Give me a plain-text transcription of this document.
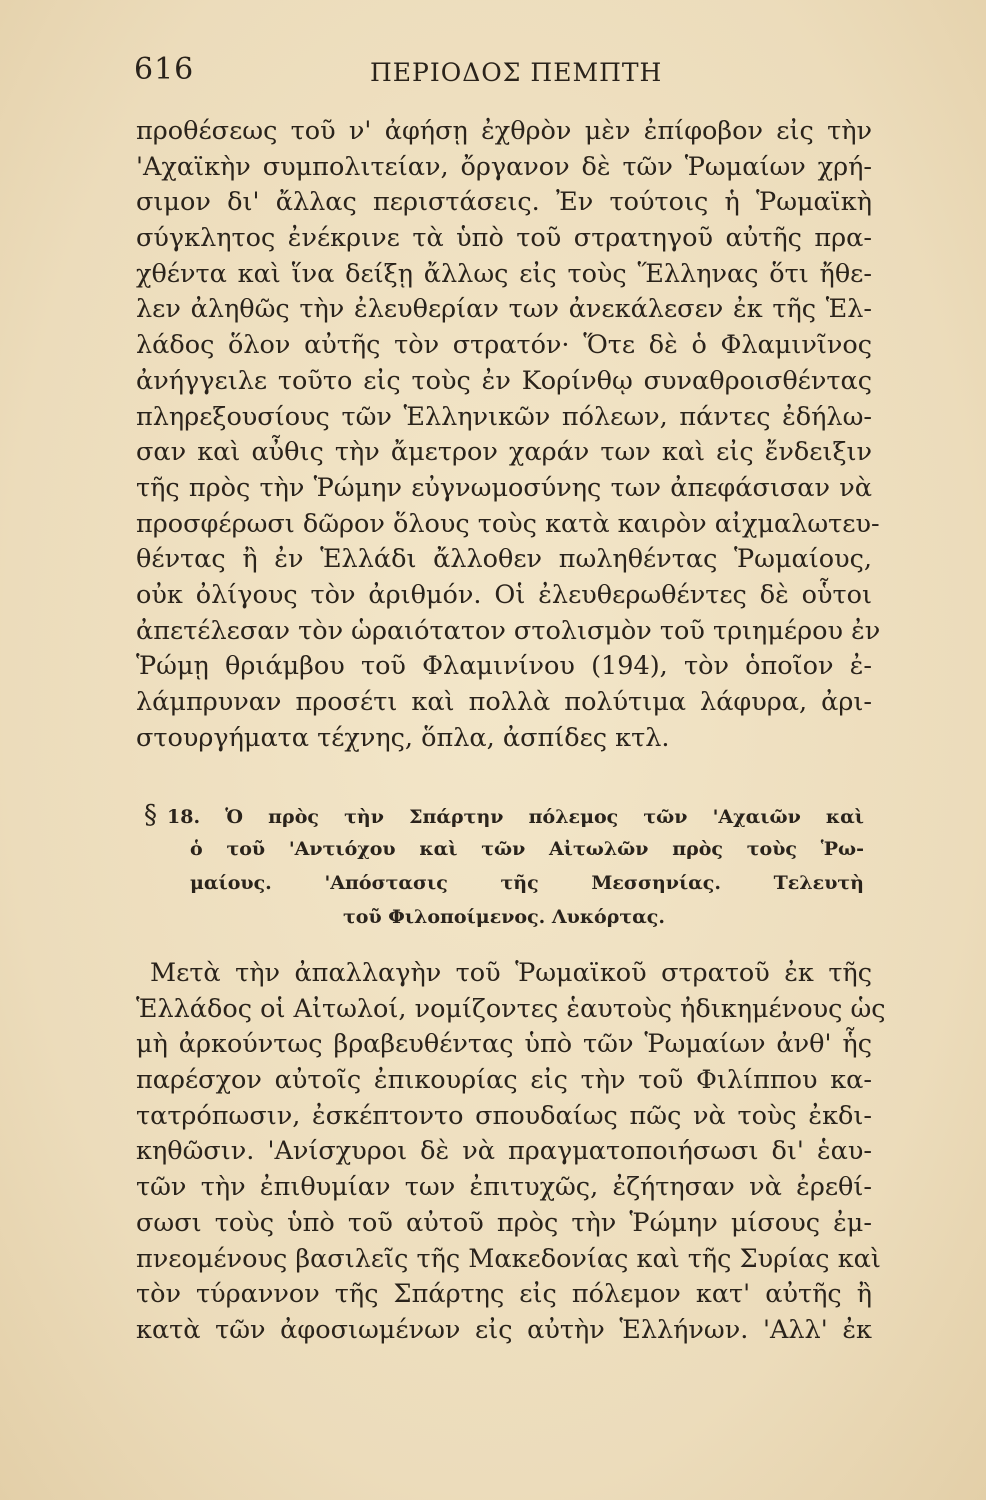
616	ΠΕΡΙΟΔΟΣ ΠΕΜΠΤΗ
προθέσεως τοῦ ν' ἀφήσῃ ἐχθρὸν μὲν ἐπίφοβον εἰς τὴν
'Αχαϊκὴν συμπολιτείαν, ὄργανον δὲ τῶν Ῥωμαίων χρή-
σιμον δι' ἄλλας περιστάσεις. Ἐν τούτοις ἡ Ῥωμαϊκὴ
σύγκλητος ἐνέκρινε τὰ ὑπὸ τοῦ στρατηγοῦ αὐτῆς πρα-
χθέντα καὶ ἵνα δείξῃ ἄλλως εἰς τοὺς Ἕλληνας ὅτι ἤθε-
λεν ἀληθῶς τὴν ἐλευθερίαν των ἀνεκάλεσεν ἐκ τῆς Ἑλ-
λάδος ὅλον αὐτῆς τὸν στρατόν· Ὅτε δὲ ὁ Φλαμινῖνος
ἀνήγγειλε τοῦτο εἰς τοὺς ἐν Κορίνθῳ συναθροισθέντας
πληρεξουσίους τῶν Ἑλληνικῶν πόλεων, πάντες ἐδήλω-
σαν καὶ αὖθις τὴν ἄμετρον χαράν των καὶ εἰς ἔνδειξιν
τῆς πρὸς τὴν Ῥώμην εὐγνωμοσύνης των ἀπεφάσισαν νὰ
προσφέρωσι δῶρον ὅλους τοὺς κατὰ καιρὸν αἰχμαλωτευ-
θέντας ἢ ἐν Ἑλλάδι ἄλλοθεν πωληθέντας Ῥωμαίους,
οὐκ ὀλίγους τὸν ἀριθμόν. Οἱ ἐλευθερωθέντες δὲ οὗτοι
ἀπετέλεσαν τὸν ὡραιότατον στολισμὸν τοῦ τριημέρου ἐν
Ῥώμῃ θριάμβου τοῦ Φλαμινίνου (194), τὸν ὁποῖον ἐ-
λάμπρυναν προσέτι καὶ πολλὰ πολύτιμα λάφυρα, ἀρι-
στουργήματα τέχνης, ὅπλα, ἀσπίδες κτλ.
§ 18. Ὁ πρὸς τὴν Σπάρτην πόλεμος τῶν 'Αχαιῶν καὶ
ὁ τοῦ 'Αντιόχου καὶ τῶν Αἰτωλῶν πρὸς τοὺς Ῥω-
μαίους. 'Απόστασις τῆς Μεσσηνίας. Τελευτὴ
τοῦ Φιλοποίμενος. Λυκόρτας.
Μετὰ τὴν ἀπαλλαγὴν τοῦ Ῥωμαϊκοῦ στρατοῦ ἐκ τῆς
Ἑλλάδος οἱ Αἰτωλοί, νομίζοντες ἑαυτοὺς ἠδικημένους ὡς
μὴ ἀρκούντως βραβευθέντας ὑπὸ τῶν Ῥωμαίων ἀνθ' ἧς
παρέσχον αὐτοῖς ἐπικουρίας εἰς τὴν τοῦ Φιλίππου κα-
τατρόπωσιν, ἐσκέπτοντο σπουδαίως πῶς νὰ τοὺς ἐκδι-
κηθῶσιν. 'Ανίσχυροι δὲ νὰ πραγματοποιήσωσι δι' ἑαυ-
τῶν τὴν ἐπιθυμίαν των ἐπιτυχῶς, ἐζήτησαν νὰ ἐρεθί-
σωσι τοὺς ὑπὸ τοῦ αὐτοῦ πρὸς τὴν Ῥώμην μίσους ἐμ-
πνεομένους βασιλεῖς τῆς Μακεδονίας καὶ τῆς Συρίας καὶ
τὸν τύραννον τῆς Σπάρτης εἰς πόλεμον κατ' αὐτῆς ἢ
κατὰ τῶν ἀφοσιωμένων εἰς αὐτὴν Ἑλλήνων. 'Αλλ' ἐκ
